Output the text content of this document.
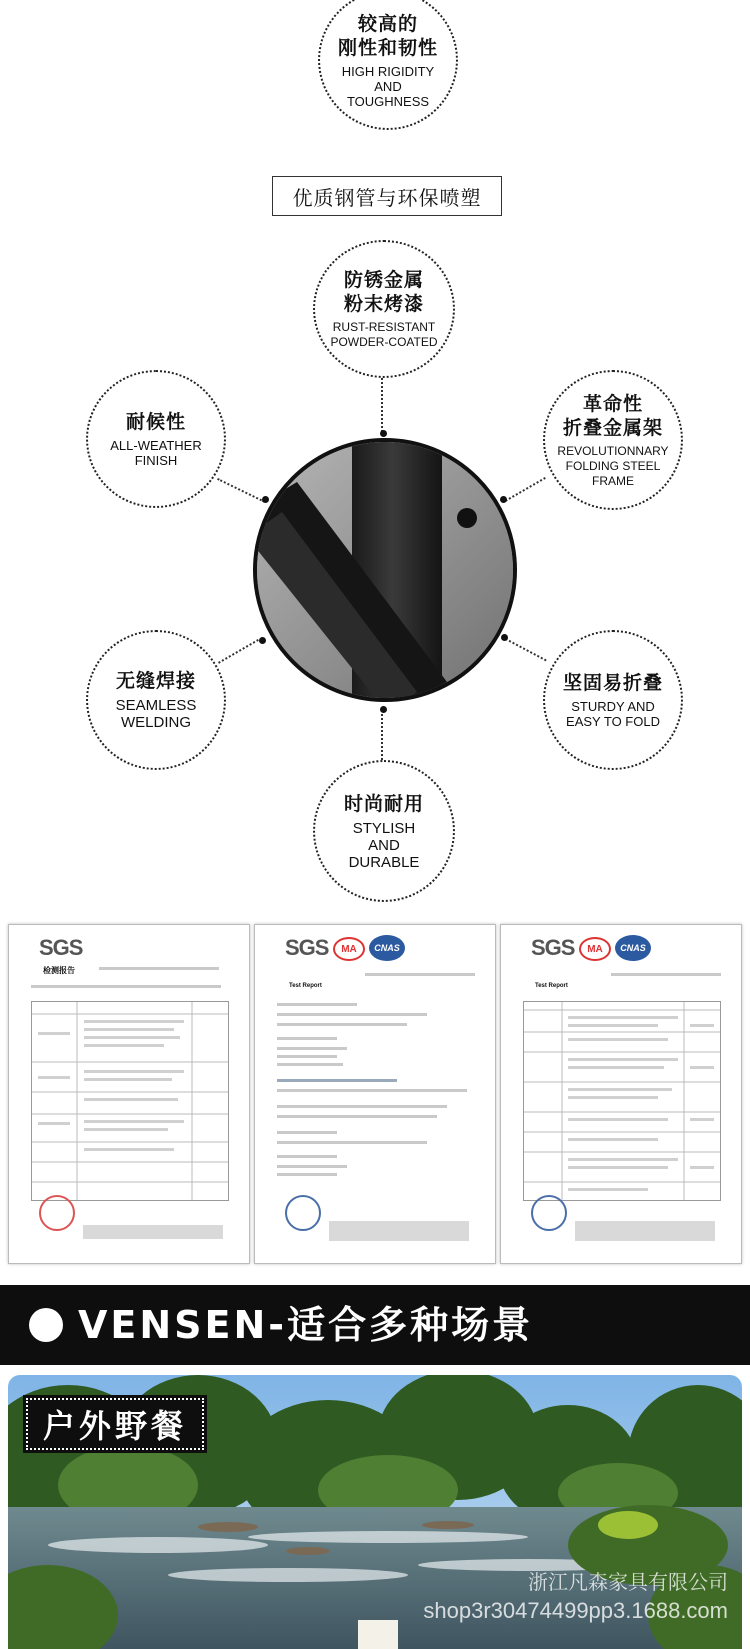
较高的
刚性和韧性
HIGH RIGIDITY
AND
TOUGHNESS
优质钢管与环保喷塑
防锈金属
粉末烤漆
RUST-RESISTANT
POWDER-COATED
耐候性
ALL-WEATHER
FINISH
革命性
折叠金属架
REVOLUTIONNARY
FOLDING STEEL
FRAME
无缝焊接
SEAMLESS
WELDING
坚固易折叠
STURDY AND
EASY TO FOLD
时尚耐用
STYLISH
AND
DURABLE
SGS
检测报告
SGS	MA	CNAS
Test Report
SGS	MA	CNAS
Test Report
VENSEN-适合多种场景
户外野餐
浙江凡森家具有限公司
shop3r30474499pp3.1688.com
